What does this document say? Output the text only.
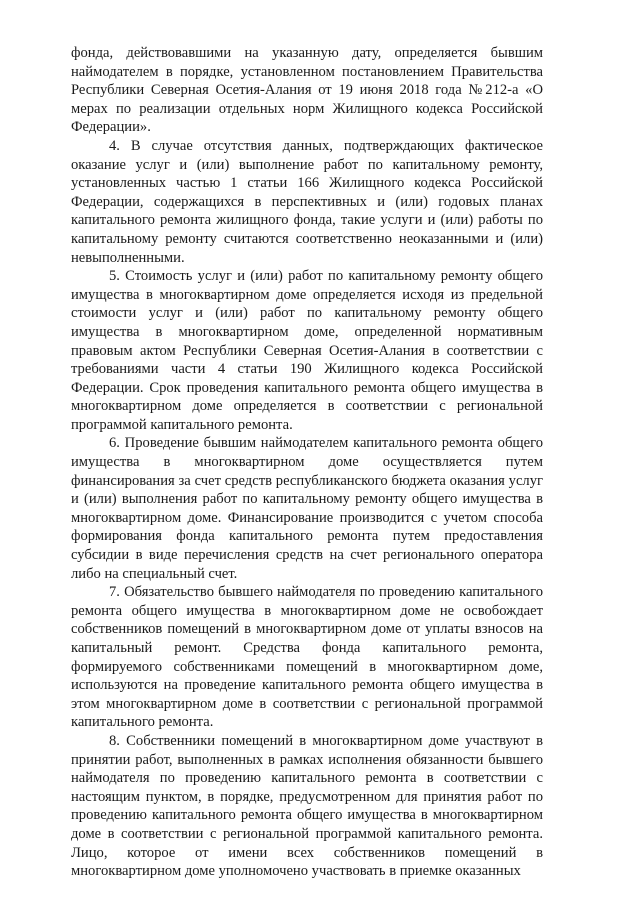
фонда, действовавшими на указанную дату, определяется бывшим наймодателем в порядке, установленном постановлением Правительства Республики Северная Осетия-Алания от 19 июня 2018 года №212-а «О мерах по реализации отдельных норм Жилищного кодекса Российской Федерации».

4. В случае отсутствия данных, подтверждающих фактическое оказание услуг и (или) выполнение работ по капитальному ремонту, установленных частью 1 статьи 166 Жилищного кодекса Российской Федерации, содержащихся в перспективных и (или) годовых планах капитального ремонта жилищного фонда, такие услуги и (или) работы по капитальному ремонту считаются соответственно неоказанными и (или) невыполненными.

5. Стоимость услуг и (или) работ по капитальному ремонту общего имущества в многоквартирном доме определяется исходя из предельной стоимости услуг и (или) работ по капитальному ремонту общего имущества в многоквартирном доме, определенной нормативным правовым актом Республики Северная Осетия-Алания в соответствии с требованиями части 4 статьи 190 Жилищного кодекса Российской Федерации. Срок проведения капитального ремонта общего имущества в многоквартирном доме определяется в соответствии с региональной программой капитального ремонта.

6. Проведение бывшим наймодателем капитального ремонта общего имущества в многоквартирном доме осуществляется путем финансирования за счет средств республиканского бюджета оказания услуг и (или) выполнения работ по капитальному ремонту общего имущества в многоквартирном доме. Финансирование производится с учетом способа формирования фонда капитального ремонта путем предоставления субсидии в виде перечисления средств на счет регионального оператора либо на специальный счет.

7. Обязательство бывшего наймодателя по проведению капитального ремонта общего имущества в многоквартирном доме не освобождает собственников помещений в многоквартирном доме от уплаты взносов на капитальный ремонт. Средства фонда капитального ремонта, формируемого собственниками помещений в многоквартирном доме, используются на проведение капитального ремонта общего имущества в этом многоквартирном доме в соответствии с региональной программой капитального ремонта.

8. Собственники помещений в многоквартирном доме участвуют в принятии работ, выполненных в рамках исполнения обязанности бывшего наймодателя по проведению капитального ремонта в соответствии с настоящим пунктом, в порядке, предусмотренном для принятия работ по проведению капитального ремонта общего имущества в многоквартирном доме в соответствии с региональной программой капитального ремонта. Лицо, которое от имени всех собственников помещений в многоквартирном доме уполномочено участвовать в приемке оказанных
